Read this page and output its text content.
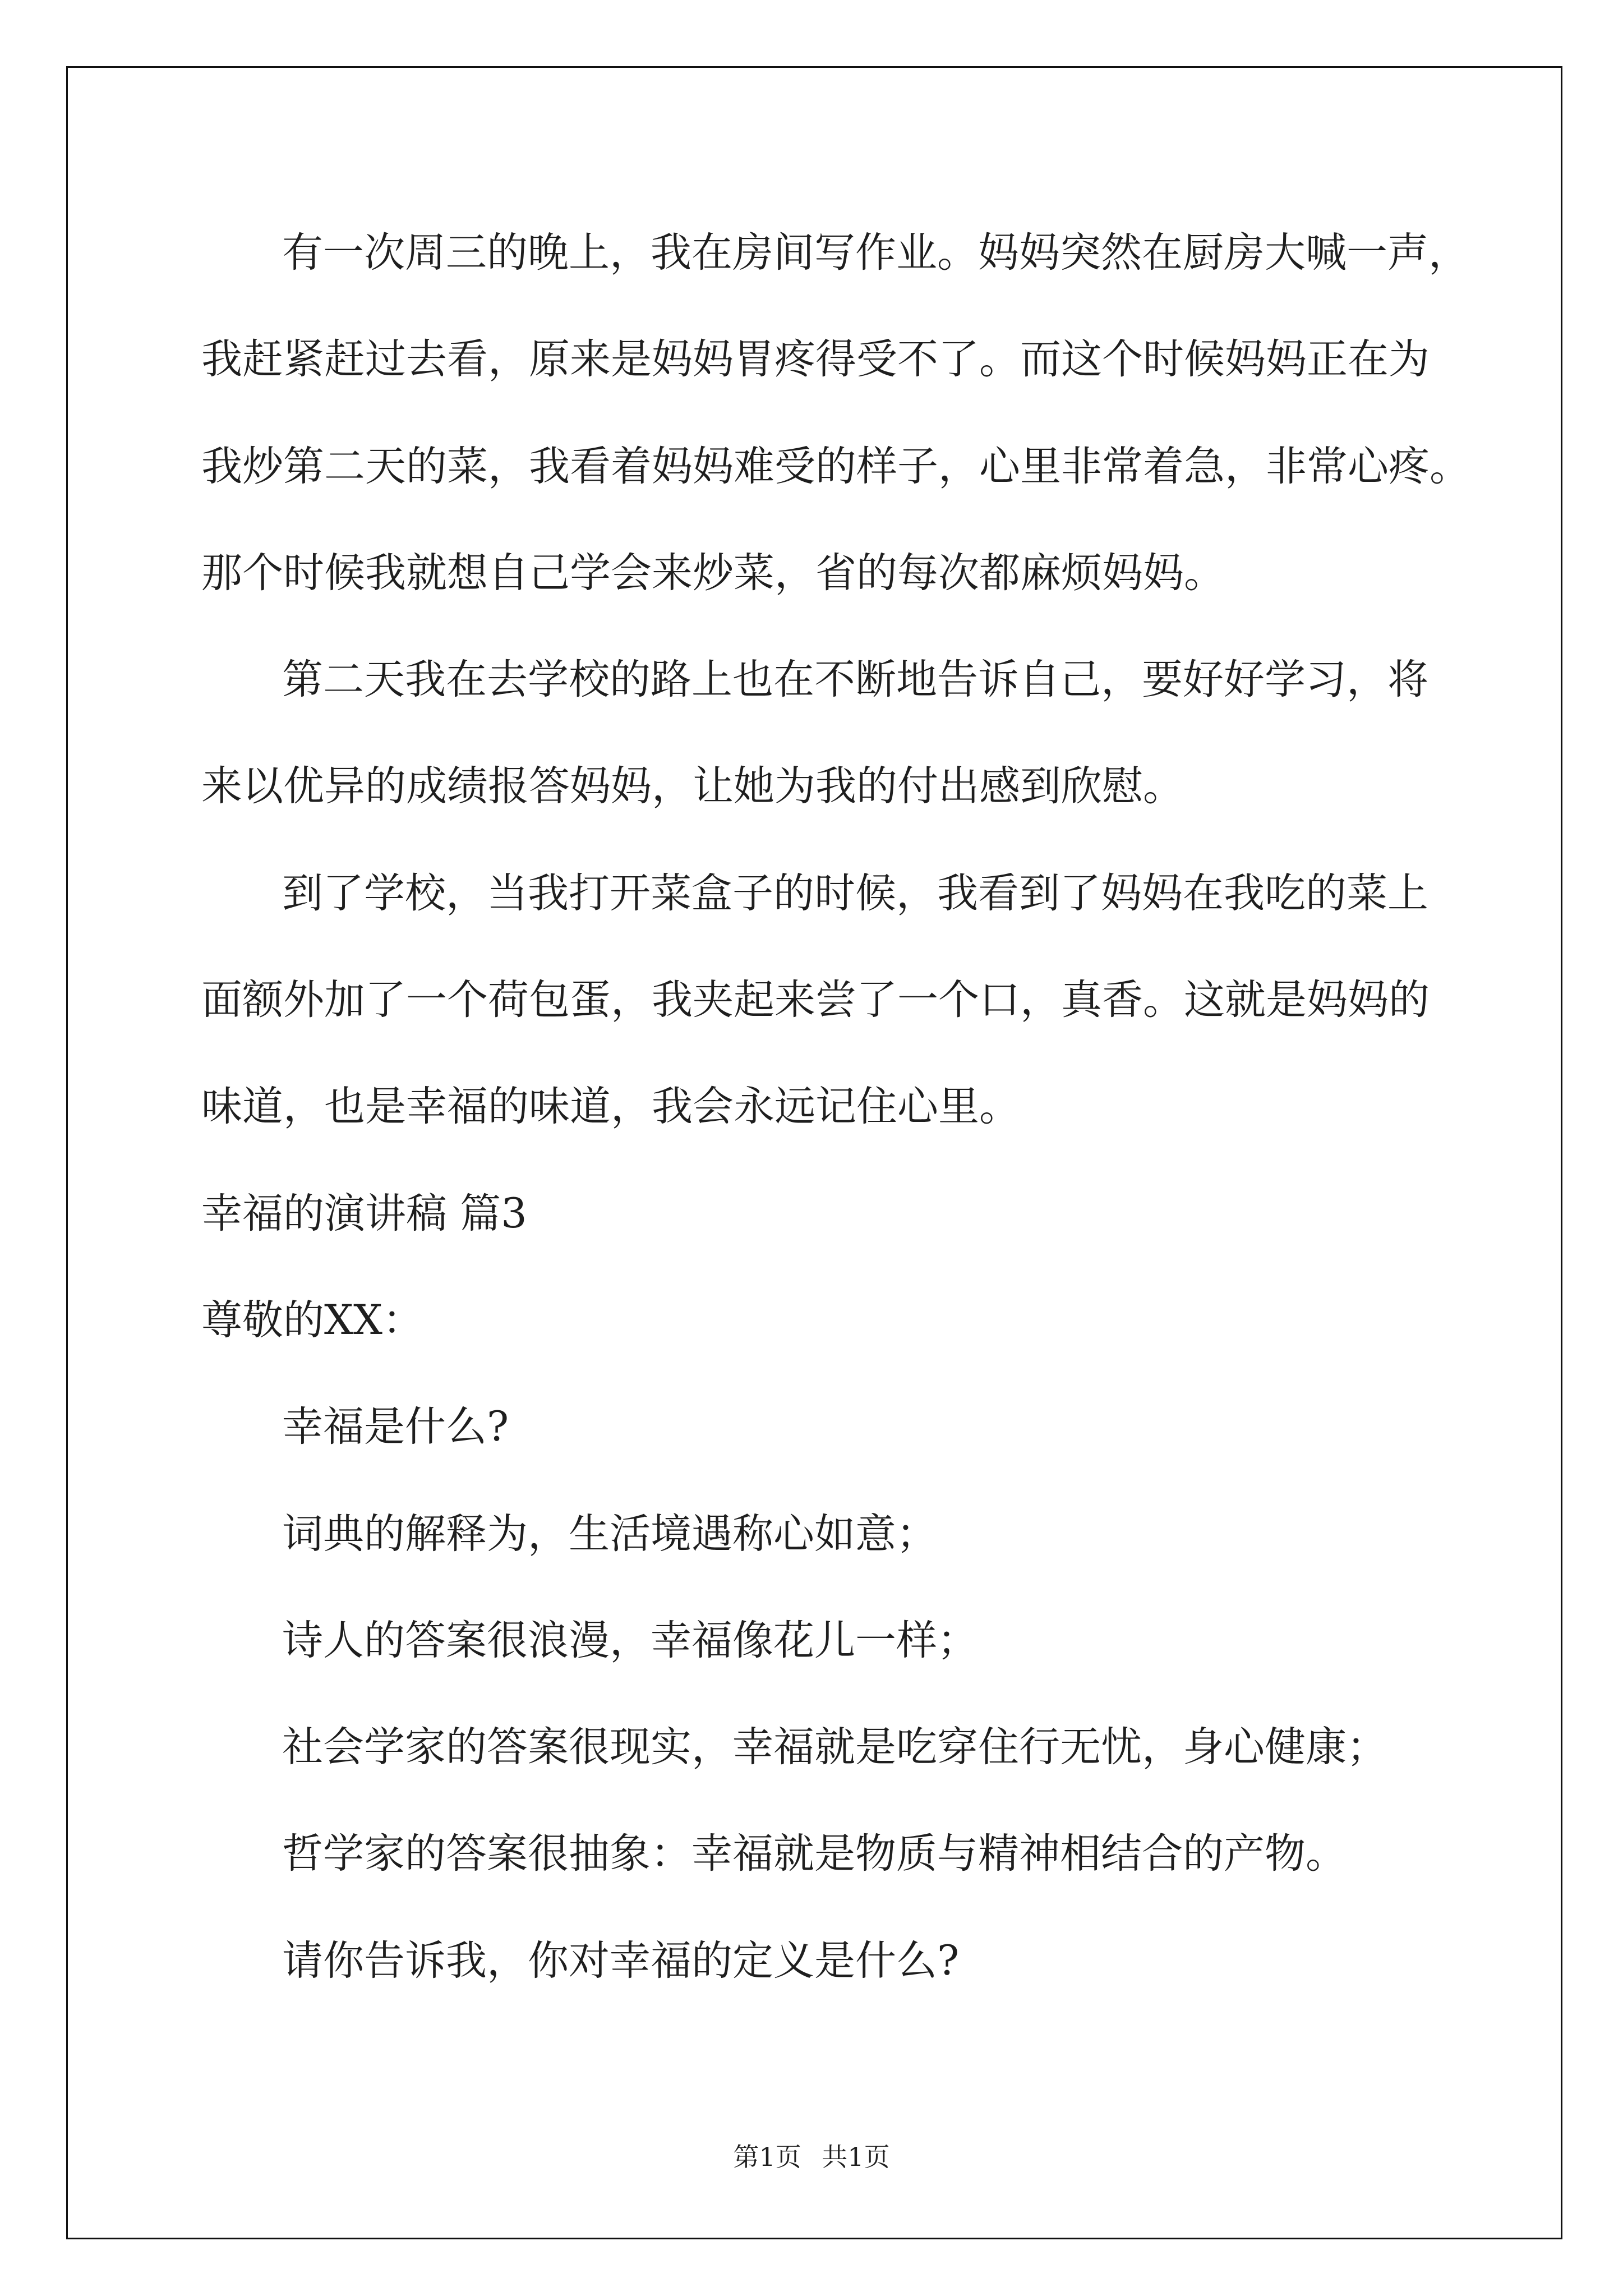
有一次周三的晚上，我在房间写作业。妈妈突然在厨房大喊一声，
我赶紧赶过去看，原来是妈妈胃疼得受不了。而这个时候妈妈正在为
我炒第二天的菜，我看着妈妈难受的样子，心里非常着急，非常心疼。
那个时候我就想自己学会来炒菜，省的每次都麻烦妈妈。
第二天我在去学校的路上也在不断地告诉自己，要好好学习，将
来以优异的成绩报答妈妈，让她为我的付出感到欣慰。
到了学校，当我打开菜盒子的时候，我看到了妈妈在我吃的菜上
面额外加了一个荷包蛋，我夹起来尝了一个口，真香。这就是妈妈的
味道，也是幸福的味道，我会永远记住心里。
幸福的演讲稿 篇3
尊敬的XX：
幸福是什么?
词典的解释为，生活境遇称心如意；
诗人的答案很浪漫，幸福像花儿一样；
社会学家的答案很现实，幸福就是吃穿住行无忧，身心健康；
哲学家的答案很抽象：幸福就是物质与精神相结合的产物。
请你告诉我，你对幸福的定义是什么?
第1页 共1页
